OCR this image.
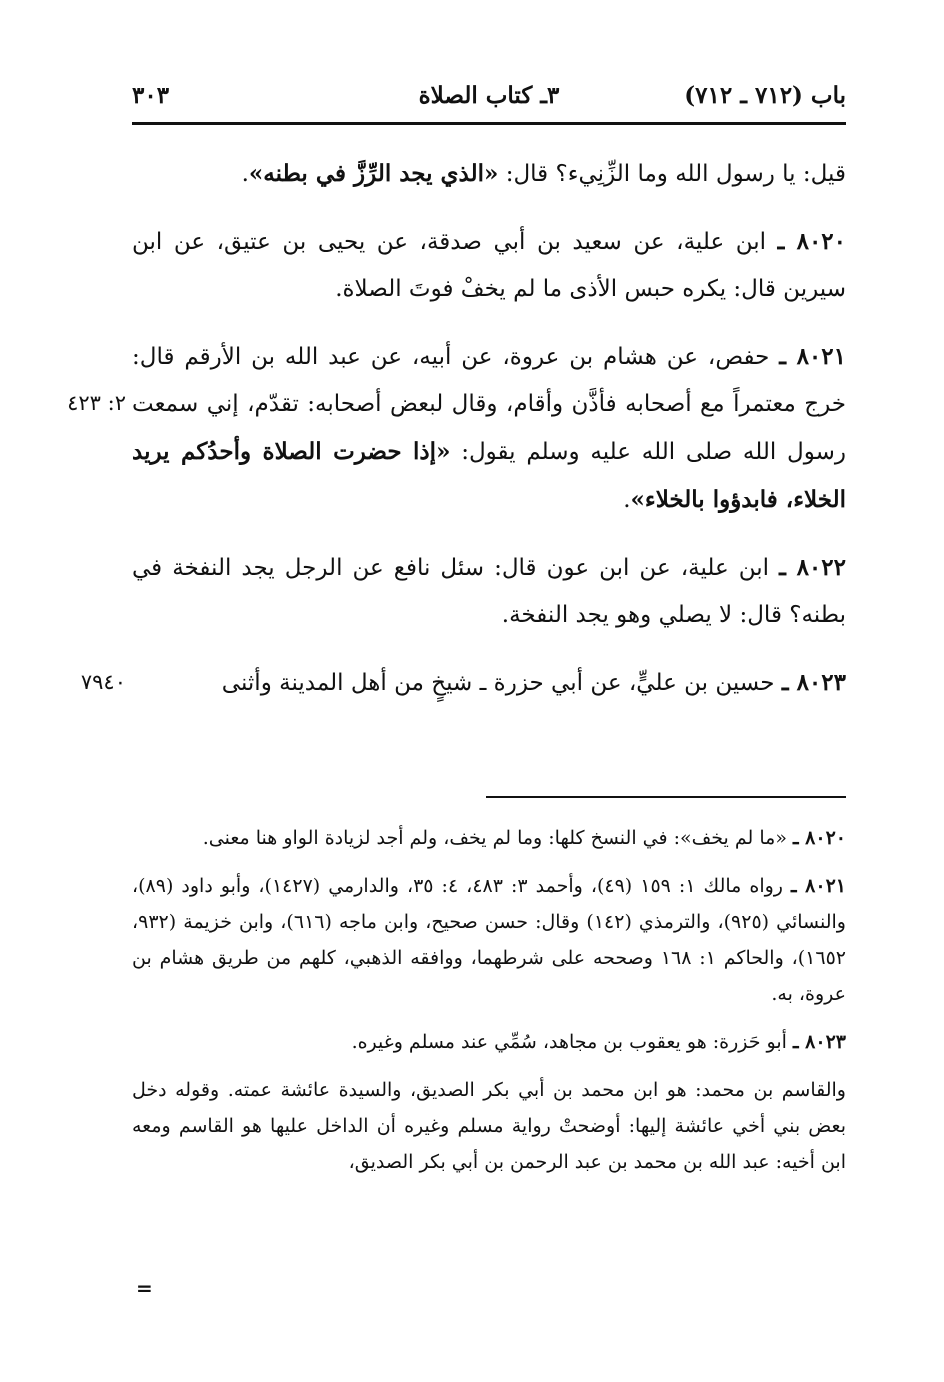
باب (٧١٢ ـ ٧١٢)
٣ـ كتاب الصلاة
٣٠٣

قيل: يا رسول الله وما الزِّنِيء؟ قال: «الذي يجد الرِّزَّ في بطنه».

٨٠٢٠ ـ ابن علية، عن سعيد بن أبي صدقة، عن يحيى بن عتيق، عن ابن سيرين قال: يكره حبس الأذى ما لم يخفْ فوتَ الصلاة.

٢: ٤٢٣
٨٠٢١ ـ حفص، عن هشام بن عروة، عن أبيه، عن عبد الله بن الأرقم قال: خرج معتمراً مع أصحابه فأذَّن وأقام، وقال لبعض أصحابه: تقدّم، إني سمعت رسول الله صلى الله عليه وسلم يقول: «إذا حضرت الصلاة وأحدُكم يريد الخلاء، فابدؤوا بالخلاء».

٨٠٢٢ ـ ابن علية، عن ابن عون قال: سئل نافع عن الرجل يجد النفخة في بطنه؟ قال: لا يصلي وهو يجد النفخة.

٧٩٤٠	٨٠٢٣ ـ حسين بن عليٍّ، عن أبي حزرة ـ شيخٍ من أهل المدينة وأثنى

٨٠٢٠ ـ «ما لم يخف»: في النسخ كلها: وما لم يخف، ولم أجد لزيادة الواو هنا معنى.

٨٠٢١ ـ رواه مالك ١: ١٥٩ (٤٩)، وأحمد ٣: ٤٨٣، ٤: ٣٥، والدارمي (١٤٢٧)، وأبو داود (٨٩)، والنسائي (٩٢٥)، والترمذي (١٤٢) وقال: حسن صحيح، وابن ماجه (٦١٦)، وابن خزيمة (٩٣٢، ١٦٥٢)، والحاكم ١: ١٦٨ وصححه على شرطهما، ووافقه الذهبي، كلهم من طريق هشام بن عروة، به.

٨٠٢٣ ـ أبو حَزرة: هو يعقوب بن مجاهد، سُمِّي عند مسلم وغيره.

والقاسم بن محمد: هو ابن محمد بن أبي بكر الصديق، والسيدة عائشة عمته. وقوله دخل بعض بني أخي عائشة إليها: أوضحتْ رواية مسلم وغيره أن الداخل عليها هو القاسم ومعه ابن أخيه: عبد الله بن محمد بن عبد الرحمن بن أبي بكر الصديق،

=
